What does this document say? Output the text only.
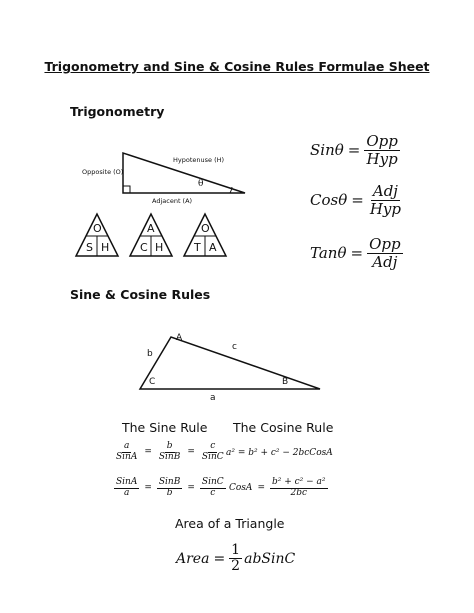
Trigonometry and Sine & Cosine Rules Formulae Sheet
Trigonometry
Opposite (O)
Hypotenuse (H)
Adjacent (A)
θ
O
S H
A
C H
O
T A
$Sin\theta = \frac{\text{Opp}}{\text{Hyp}}$
$Cos\theta = \frac{\text{Adj}}{\text{Hyp}}$
$Tan\theta = \frac{\text{Opp}}{\text{Adj}}$
Sine & Cosine Rules
A
C	B
b
c
a
The Sine Rule
$\frac{a}{\text{SinA}} = \frac{b}{\text{SinB}} = \frac{c}{\text{SinC}}$
$\frac{\text{SinA}}{a} = \frac{\text{SinB}}{b} = \frac{\text{SinC}}{c}$
The Cosine Rule
a² = b² + c² − 2bcCosA
CosA = $\frac{\text{b² + c² − a²}}{2bc}$
Area of a Triangle
Area = $\frac{1}{2}$ abSinC
